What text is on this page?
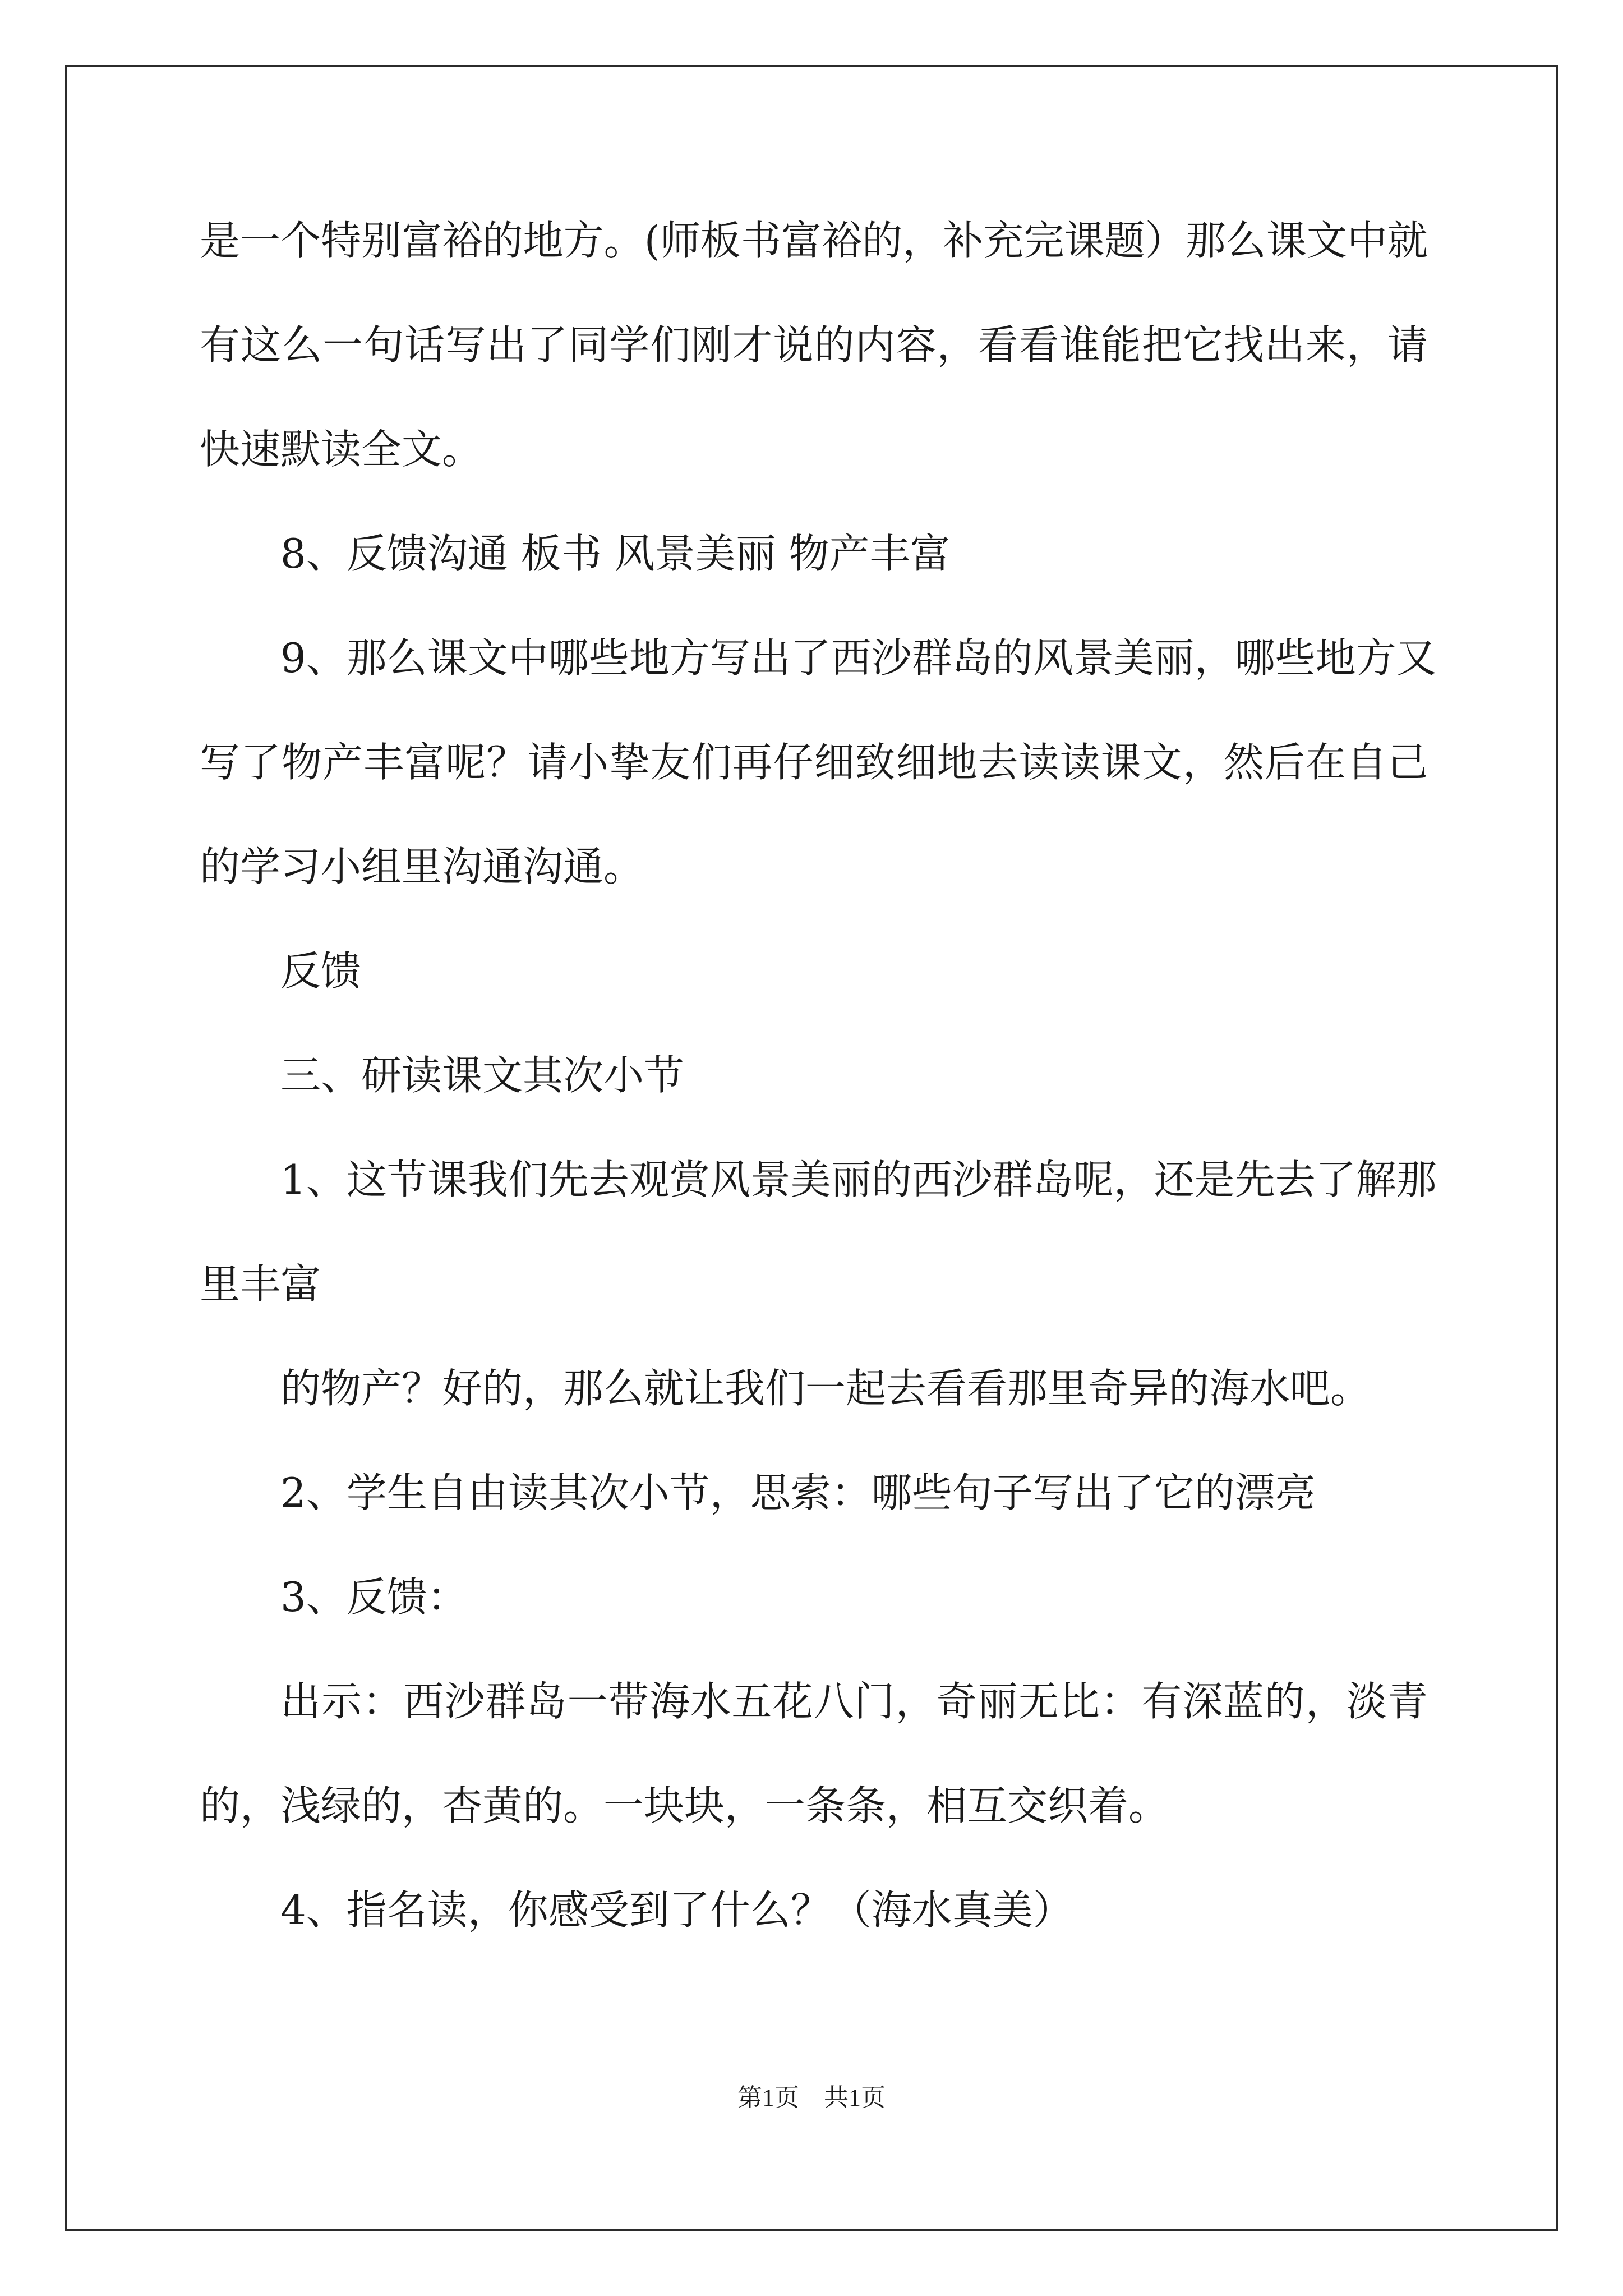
是一个特别富裕的地方。(师板书富裕的，补充完课题）那么课文中就
有这么一句话写出了同学们刚才说的内容，看看谁能把它找出来，请
快速默读全文。
8、反馈沟通 板书 风景美丽 物产丰富
9、那么课文中哪些地方写出了西沙群岛的风景美丽，哪些地方又
写了物产丰富呢？请小挚友们再仔细致细地去读读课文，然后在自己
的学习小组里沟通沟通。
反馈
三、研读课文其次小节
1、这节课我们先去观赏风景美丽的西沙群岛呢，还是先去了解那
里丰富
的物产？好的，那么就让我们一起去看看那里奇异的海水吧。
2、学生自由读其次小节，思索：哪些句子写出了它的漂亮
3、反馈：
出示：西沙群岛一带海水五花八门，奇丽无比：有深蓝的，淡青
的，浅绿的，杏黄的。一块块，一条条，相互交织着。
4、指名读，你感受到了什么？（海水真美）
第1页 共1页
